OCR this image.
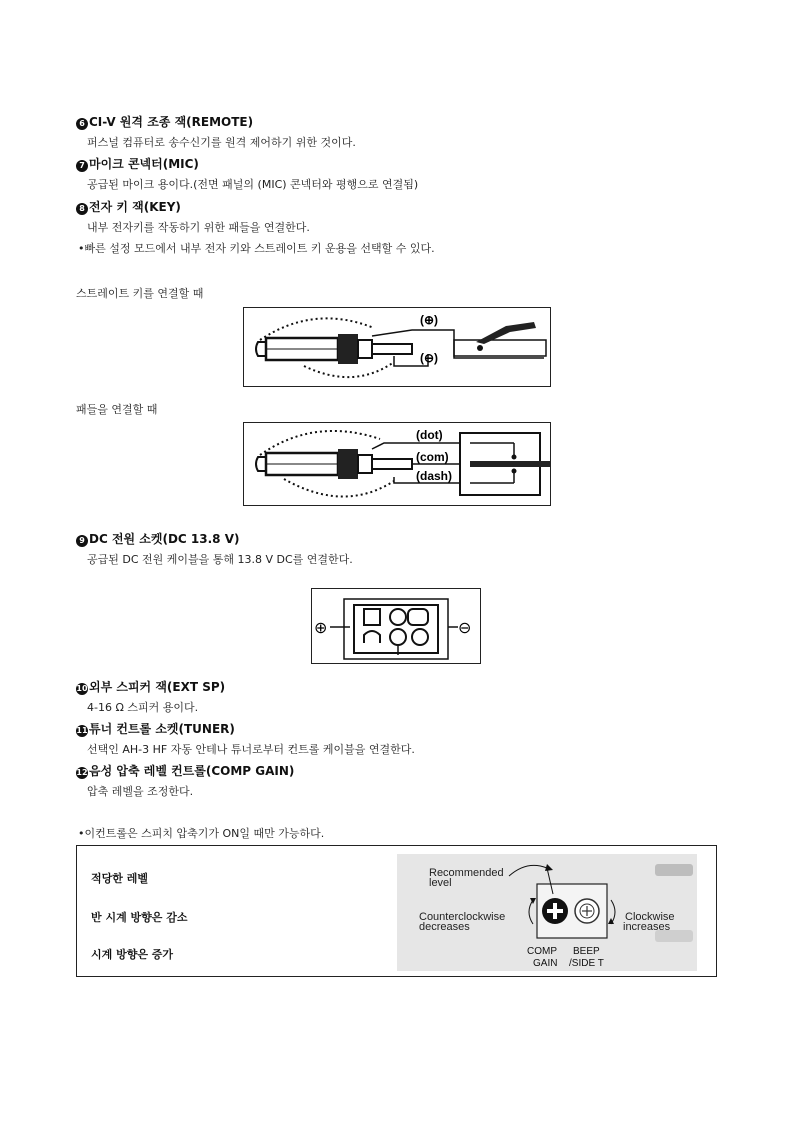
6 CI-V 원격 조종 잭(REMOTE)
퍼스널 컴퓨터로 송수신기를 원격 제어하기 위한 것이다.
7 마이크 콘넥터(MIC)
공급된 마이크 용이다.(전면 패널의 (MIC) 콘넥터와 평행으로 연결됨)
8 전자 키 잭(KEY)
내부 전자키를 작동하기 위한 패들을 연결한다.
•빠른 설정 모드에서 내부 전자 키와 스트레이트 키 운용을 선택할 수 있다.
스트레이트 키를 연결할 때
(⊕)
(⊖)
패들을 연결할 때
(dot)
(com)
(dash)
9 DC 전원 소켓(DC 13.8 V)
공급된 DC 전원 케이블을 통해 13.8 V DC를 연결한다.
⊕	⊖
10외부 스피커 잭(EXT SP)
4-16 Ω 스피커 용이다.
11튜너 컨트롤 소켓(TUNER)
선택인 AH-3 HF 자동 안테나 튜너로부터 컨트롤 케이블을 연결한다.
12음성 압축 레벨 컨트롤(COMP GAIN)
압축 레벨을 조정한다.
•이컨트롤은 스피치 압축기가 ON일 때만 가능하다.
적당한 레벨
반 시계 방향은 감소
시계 방향은 증가
Recommended
level
Counterclockwise
decreases
Clockwise
increases
COMP
GAIN
BEEP
/SIDE T
